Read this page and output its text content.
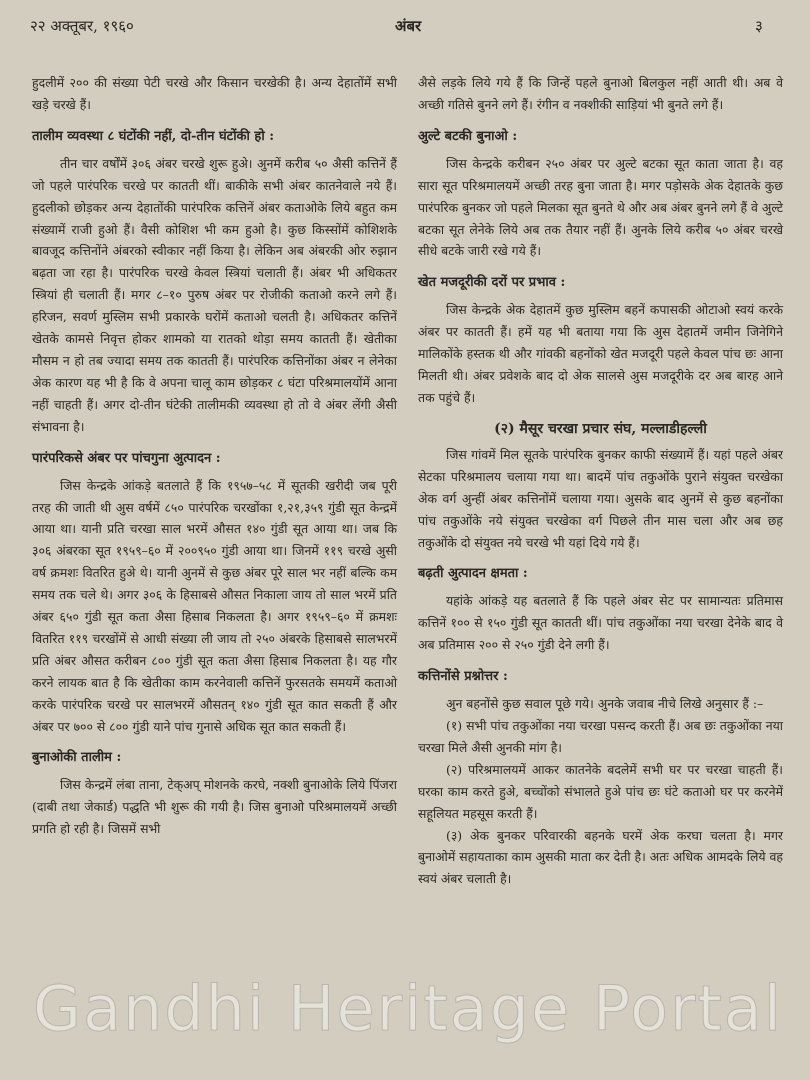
२२ अक्तूबर, १९६०	अंबर	३

हुदलीमें २०० की संख्या पेटी चरखे और किसान चरखेकी है। अन्य देहातोंमें सभी खड़े चरखे हैं।

तालीम व्यवस्था ८ घंटोंकी नहीं, दो-तीन घंटोंकी हो :

तीन चार वर्षोंमें ३०६ अंबर चरखे शुरू हुअे। अुनमें करीब ५० अैसी कत्तिनें हैं जो पहले पारंपरिक चरखे पर कातती थीं। बाकीके सभी अंबर कातनेवाले नये हैं। हुदलीको छोड़कर अन्य देहातोंकी पारंपरिक कत्तिनें अंबर कताओके लिये बहुत कम संख्यामें राजी हुओ हैं। वैसी कोशिश भी कम हुओ है। कुछ किस्सोंमें कोशिशके बावजूद कत्तिनोंने अंबरको स्वीकार नहीं किया है। लेकिन अब अंबरकी ओर रुझान बढ़ता जा रहा है। पारंपरिक चरखे केवल स्त्रियां चलाती हैं। अंबर भी अधिकतर स्त्रियां ही चलाती हैं। मगर ८–१० पुरुष अंबर पर रोजीकी कताओ करने लगे हैं। हरिजन, सवर्ण मुस्लिम सभी प्रकारके घरोंमें कताओ चलती है। अधिकतर कत्तिनें खेतके कामसे निवृत्त होकर शामको या रातको थोड़ा समय कातती हैं। खेतीका मौसम न हो तब ज्यादा समय तक कातती हैं। पारंपरिक कत्तिनोंका अंबर न लेनेका अेक कारण यह भी है कि वे अपना चालू काम छोड़कर ८ घंटा परिश्रमालयोंमें आना नहीं चाहती हैं। अगर दो-तीन घंटेकी तालीमकी व्यवस्था हो तो वे अंबर लेंगी अैसी संभावना है।

पारंपरिकसे अंबर पर पांचगुना अुत्पादन :

जिस केन्द्रके आंकड़े बतलाते हैं कि १९५७–५८ में सूतकी खरीदी जब पूरी तरह की जाती थी अुस वर्षमें ८५० पारंपरिक चरखोंका १,२१,३५९ गुंडी सूत केन्द्रमें आया था। यानी प्रति चरखा साल भरमें औसत १४० गुंडी सूत आया था। जब कि ३०६ अंबरका सूत १९५९–६० में २००९५० गुंडी आया था। जिनमें ११९ चरखे अुसी वर्ष क्रमशः वितरित हुअे थे। यानी अुनमें से कुछ अंबर पूरे साल भर नहीं बल्कि कम समय तक चले थे। अगर ३०६ के हिसाबसे औसत निकाला जाय तो साल भरमें प्रति अंबर ६५० गुंडी सूत कता अैसा हिसाब निकलता है। अगर १९५९–६० में क्रमशः वितरित ११९ चरखोंमें से आधी संख्या ली जाय तो २५० अंबरके हिसाबसे सालभरमें प्रति अंबर औसत करीबन ८०० गुंडी सूत कता अैसा हिसाब निकलता है। यह गौर करने लायक बात है कि खेतीका काम करनेवाली कत्तिनें फुरसतके समयमें कताओ करके पारंपरिक चरखे पर सालभरमें औसतन् १४० गुंडी सूत कात सकती हैं और अंबर पर ७०० से ८०० गुंडी याने पांच गुनासे अधिक सूत कात सकती हैं।

बुनाओकी तालीम :

जिस केन्द्रमें लंबा ताना, टेक्अप् मोशनके करघे, नक्शी बुनाओके लिये पिंजरा (दाबी तथा जेकार्ड) पद्धति भी शुरू की गयी है। जिस बुनाओ परिश्रमालयमें अच्छी प्रगति हो रही है। जिसमें सभी

अैसे लड़के लिये गये हैं कि जिन्हें पहले बुनाओ बिलकुल नहीं आती थी। अब वे अच्छी गतिसे बुनने लगे हैं। रंगीन व नक्शीकी साड़ियां भी बुनते लगे हैं।

अुल्टे बटकी बुनाओ :

जिस केन्द्रके करीबन २५० अंबर पर अुल्टे बटका सूत काता जाता है। वह सारा सूत परिश्रमालयमें अच्छी तरह बुना जाता है। मगर पड़ोसके अेक देहातके कुछ पारंपरिक बुनकर जो पहले मिलका सूत बुनते थे और अब अंबर बुनने लगे हैं वे अुल्टे बटका सूत लेनेके लिये अब तक तैयार नहीं हैं। अुनके लिये करीब ५० अंबर चरखे सीधे बटके जारी रखे गये हैं।

खेत मजदूरीकी दरों पर प्रभाव :

जिस केन्द्रके अेक देहातमें कुछ मुस्लिम बहनें कपासकी ओटाओ स्वयं करके अंबर पर कातती हैं। हमें यह भी बताया गया कि अुस देहातमें जमीन जिनेगिने मालिकोंके हस्तक थी और गांवकी बहनोंको खेत मजदूरी पहले केवल पांच छः आना मिलती थी। अंबर प्रवेशके बाद दो अेक सालसे अुस मजदूरीके दर अब बारह आने तक पहुंचे हैं।

(२) मैसूर चरखा प्रचार संघ, मल्लाडीहल्ली

जिस गांवमें मिल सूतके पारंपरिक बुनकर काफी संख्यामें हैं। यहां पहले अंबर सेटका परिश्रमालय चलाया गया था। बादमें पांच तकुओंके पुराने संयुक्त चरखेका अेक वर्ग अुन्हीं अंबर कत्तिनोंमें चलाया गया। अुसके बाद अुनमें से कुछ बहनोंका पांच तकुओंके नये संयुक्त चरखेका वर्ग पिछले तीन मास चला और अब छह तकुओंके दो संयुक्त नये चरखे भी यहां दिये गये हैं।

बढ़ती अुत्पादन क्षमता :

यहांके आंकड़े यह बतलाते हैं कि पहले अंबर सेट पर सामान्यतः प्रतिमास कत्तिनें १०० से १५० गुंडी सूत कातती थीं। पांच तकुओंका नया चरखा देनेके बाद वे अब प्रतिमास २०० से २५० गुंडी देने लगी हैं।

कत्तिनोंसे प्रश्नोत्तर :

अुन बहनोंसे कुछ सवाल पूछे गये। अुनके जवाब नीचे लिखे अनुसार हैं :–

(१) सभी पांच तकुओंका नया चरखा पसन्द करती हैं। अब छः तकुओंका नया चरखा मिले अैसी अुनकी मांग है।

(२) परिश्रमालयमें आकर कातनेके बदलेमें सभी घर पर चरखा चाहती हैं। घरका काम करते हुअे, बच्चोंको संभालते हुअे पांच छः घंटे कताओ घर पर करनेमें सहूलियत महसूस करती हैं।

(३) अेक बुनकर परिवारकी बहनके घरमें अेक करघा चलता है। मगर बुनाओमें सहायताका काम अुसकी माता कर देती है। अतः अधिक आमदके लिये वह स्वयं अंबर चलाती है।

Gandhi Heritage Portal
